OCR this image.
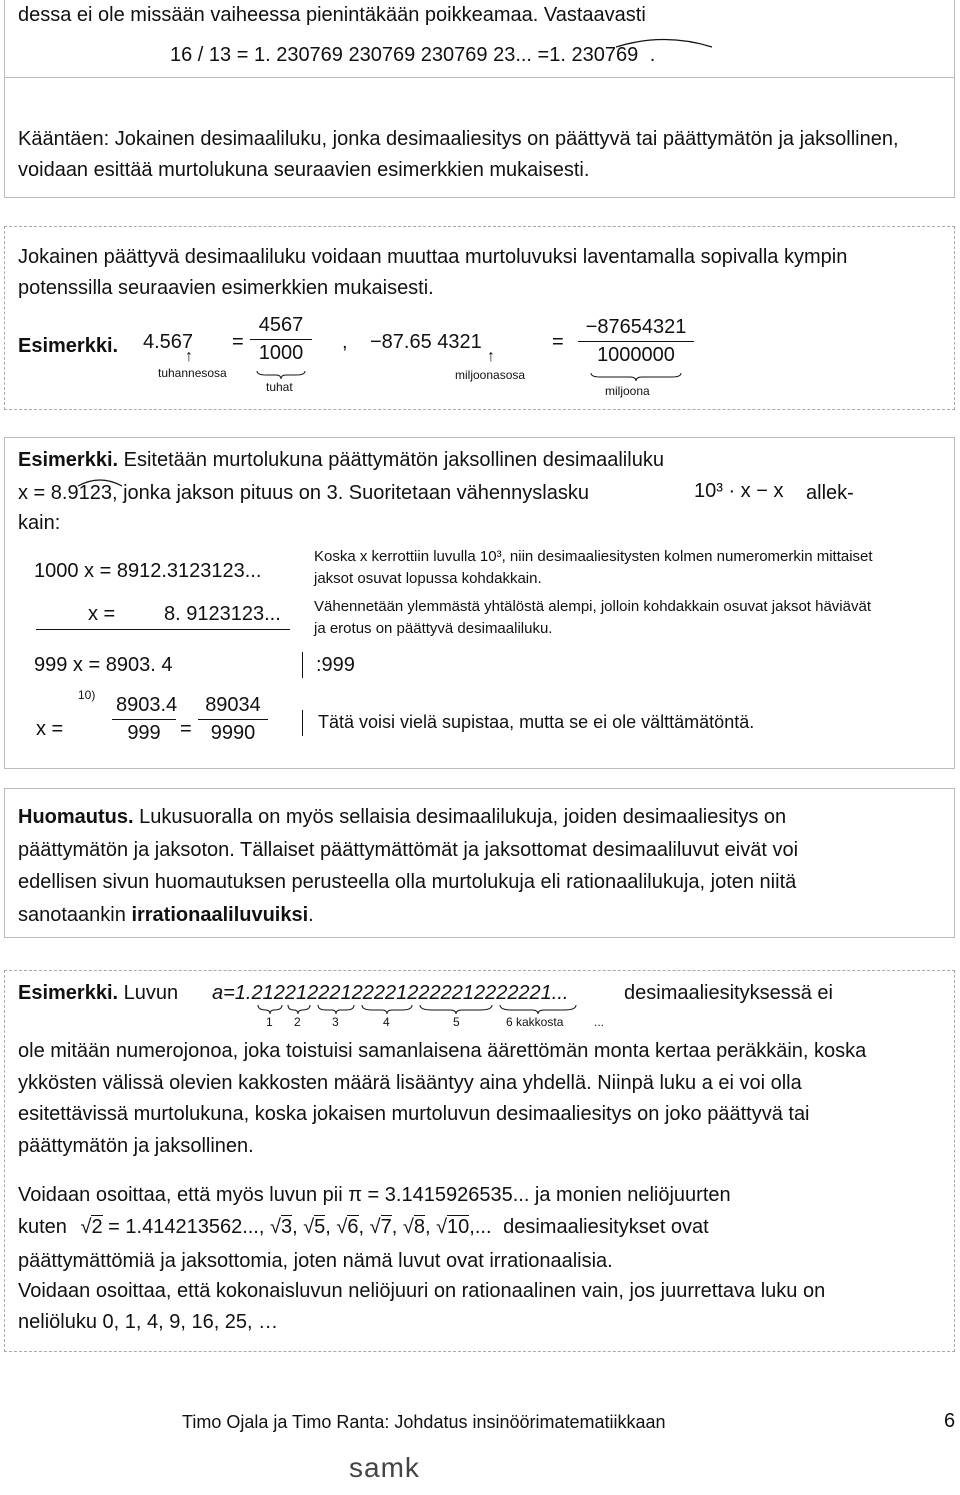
dessa ei ole missään vaiheessa pienintäkään poikkeamaa. Vastaavasti

16 / 13 = 1. 230769 230769 230769 23... =1. 230769 .

Kääntäen: Jokainen desimaaliluku, jonka desimaaliesitys on päättyvä tai päättymätön ja jaksollinen, voidaan esittää murtolukuna seuraavien esimerkkien mukaisesti.

Jokainen päättyvä desimaaliluku voidaan muuttaa murtoluvuksi laventamalla sopivalla kympin potenssilla seuraavien esimerkkien mukaisesti.

Esimerkki. 4.567
↑
tuhannesosa
= $\frac{4567}{1000}$
tuhat
, −87.65 4321
↑
miljoonasosa
= $\frac{-87654321}{1000000}$
miljoona

Esimerkki. Esitetään murtolukuna päättymätön jaksollinen desimaaliluku

x = 8.9123, jonka jakson pituus on 3. Suoritetaan vähennyslasku	10³ · x − x allek-
kain:
1000 x = 8912.3123123...
x = 8. 9123123...
999 x = 8903. 4	:999
x =
$10) \frac{8903.4}{999} = \frac{89034}{9990}$
Koska x kerrottiin luvulla 10³, niin desimaaliesitysten kolmen numeromerkin mittaiset jaksot osuvat lopussa kohdakkain.
Vähennetään ylemmästä yhtälöstä alempi, jolloin kohdakkain osuvat jaksot häviävät ja erotus on päättyvä desimaaliluku.
Tätä voisi vielä supistaa, mutta se ei ole välttämätöntä.

Huomautus. Lukusuoralla on myös sellaisia desimaalilukuja, joiden desimaaliesitys on päättymätön ja jaksoton. Tällaiset päättymättömät ja jaksottomat desimaaliluvut eivät voi edellisen sivun huomautuksen perusteella olla murtolukuja eli rationaalilukuja, joten niitä sanotaankin irrationaaliluvuiksi.

Esimerkki. Luvun a=1.212212221222212222212222221...	desimaaliesityksessä ei
1 2	3	4	5	6 kakkosta	...

ole mitään numerojonoa, joka toistuisi samanlaisena äärettömän monta kertaa peräkkäin, koska ykkösten välissä olevien kakkosten määrä lisääntyy aina yhdellä. Niinpä luku a ei voi olla esitettävissä murtolukuna, koska jokaisen murtoluvun desimaaliesitys on joko päättyvä tai päättymätön ja jaksollinen.

Voidaan osoittaa, että myös luvun pii π = 3.1415926535... ja monien neliöjuurten
kuten √2 = 1.414213562..., √3, √5, √6, √7, √8, √10,... desimaaliesitykset ovat
päättymättömiä ja jaksottomia, joten nämä luvut ovat irrationaalisia.

Voidaan osoittaa, että kokonaisluvun neliöjuuri on rationaalinen vain, jos juurrettava luku on neliöluku 0, 1, 4, 9, 16, 25, …

Timo Ojala ja Timo Ranta: Johdatus insinöörimatematiikkaan	6
samk
